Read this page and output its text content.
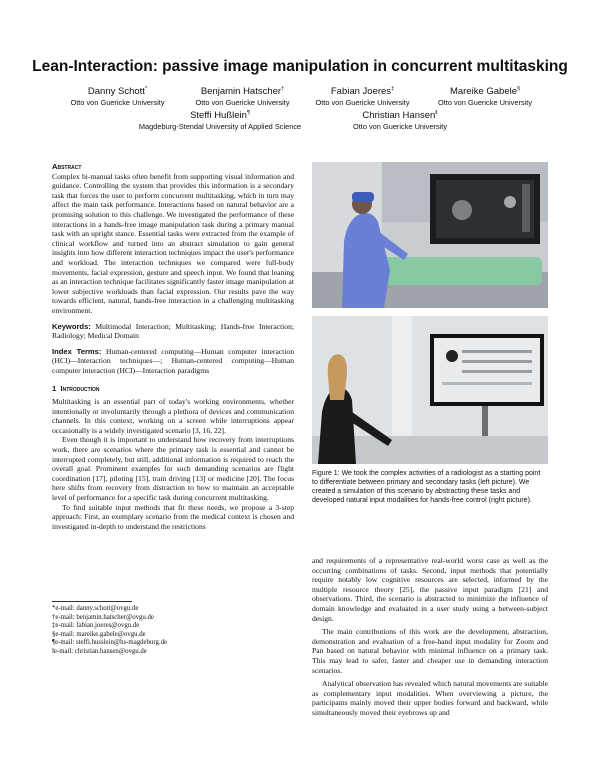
Lean-Interaction: passive image manipulation in concurrent multitasking
Danny Schott*
Otto von Guericke University
Benjamin Hatscher†
Otto von Guericke University
Fabian Joeres‡
Otto von Guericke University
Mareike Gabele§
Otto von Guericke University
Steffi Hußlein¶
Magdeburg-Stendal University of Applied Science
Christian Hansen‖
Otto von Guericke University

Abstract

Complex bi-manual tasks often benefit from supporting visual information and guidance. Controlling the system that provides this information is a secondary task that forces the user to perform concurrent multitasking, which in turn may affect the main task performance. Interactions based on natural behavior are a promising solution to this challenge. We investigated the performance of these interactions in a hands-free image manipulation task during a primary manual task with an upright stance. Essential tasks were extracted from the example of clinical workflow and turned into an abstract simulation to gain general insights into how different interaction techniques impact the user's performance and workload. The interaction techniques we compared were full-body movements, facial expression, gesture and speech input. We found that leaning as an interaction technique facilitates significantly faster image manipulation at lower subjective workloads than facial expression. Our results pave the way towards efficient, natural, hands-free interaction in a challenging multitasking environment.

Keywords: Multimodal Interaction; Multitasking; Hands-free Interaction; Radiology; Medical Domain

Index Terms: Human-centered computing—Human computer interaction (HCI)—Interaction techniques—; Human-centered computing—Human computer interaction (HCI)—Interaction paradigms

1 Introduction

Multitasking is an essential part of today's working environments, whether intentionally or involuntarily through a plethora of devices and communication channels. In this context, working on a screen while interruptions appear occasionally is a widely investigated scenario [3, 16, 22].

Even though it is important to understand how recovery from interruptions work, there are scenarios where the primary task is essential and cannot be interrupted completely, but still, additional information is required to reach the overall goal. Prominent examples for such demanding scenarios are flight coordination [17], piloting [15], train driving [13] or medicine [20]. The focus here shifts from recovery from distraction to how to maintain an acceptable level of performance for a specific task during concurrent multitasking.

To find suitable input methods that fit these needs, we propose a 3-step approach: First, an exemplary scenario from the medical context is chosen and investigated in-depth to understand the restrictions

Figure 1: We took the complex activities of a radiologist as a starting point to differentiate between primary and secondary tasks (left picture). We created a simulation of this scenario by abstracting these tasks and developed natural input modalities for hands-free control (right picture).

and requirements of a representative real-world worst case as well as the occurring combinations of tasks. Second, input methods that potentially require notably low cognitive resources are selected, informed by the multiple resource theory [25], the passive input paradigm [21] and observations. Third, the scenario is abstracted to minimize the influence of domain knowledge and evaluated in a user study using a between-subject design.

The main contributions of this work are the development, abstraction, demonstration and evaluation of a free-hand input modality for Zoom and Pan based on natural behavior with minimal influence on a primary task. This may lead to safer, faster and cheaper use in demanding interaction scenarios.

Analytical observation has revealed which natural movements are suitable as complementary input modalities. When overviewing a picture, the participants mainly moved their upper bodies forward and backward, while simultaneously moved their eyebrows up and

*e-mail: danny.schott@ovgu.de
†e-mail: benjamin.hatscher@ovgu.de
‡e-mail: fabian.joeres@ovgu.de
§e-mail: mareike.gabele@ovgu.de
¶e-mail: steffi.husslein@hs-magdeburg.de
‖e-mail: christian.hansen@ovgu.de
